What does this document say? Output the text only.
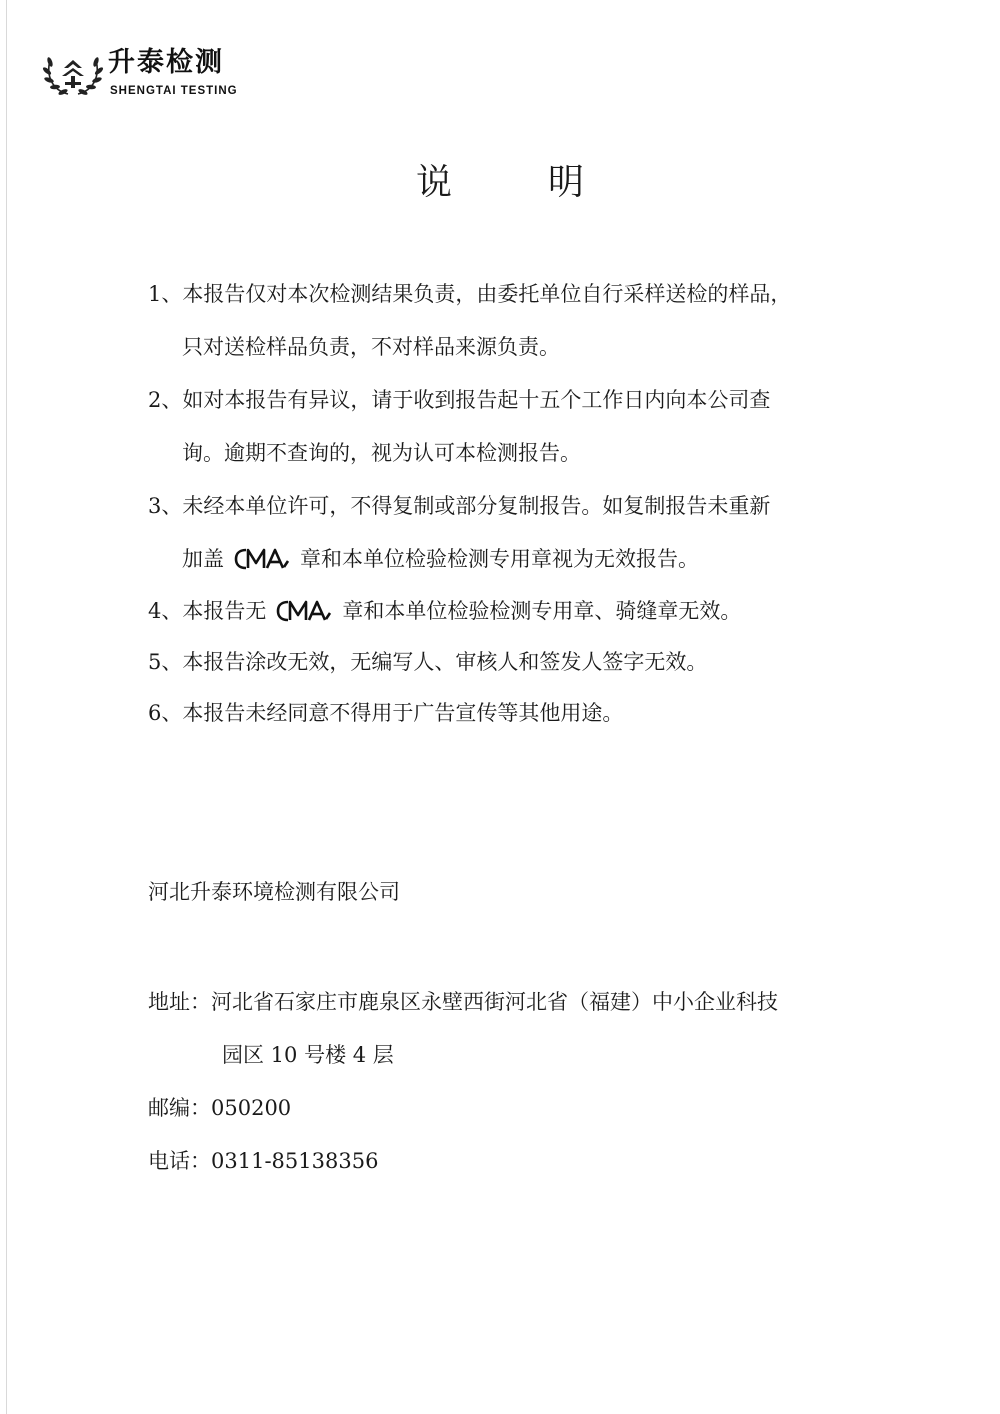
升泰检测
SHENGTAI TESTING
说	明
1、本报告仅对本次检测结果负责，由委托单位自行采样送检的样品，
只对送检样品负责，不对样品来源负责。
2、如对本报告有异议，请于收到报告起十五个工作日内向本公司查
询。逾期不查询的，视为认可本检测报告。
3、未经本单位许可，不得复制或部分复制报告。如复制报告未重新
加盖	章和本单位检验检测专用章视为无效报告。
4、本报告无	章和本单位检验检测专用章、骑缝章无效。
5、本报告涂改无效，无编写人、审核人和签发人签字无效。
6、本报告未经同意不得用于广告宣传等其他用途。
河北升泰环境检测有限公司
地址：河北省石家庄市鹿泉区永壁西街河北省（福建）中小企业科技
园区 10 号楼 4 层
邮编：050200
电话：0311-85138356
